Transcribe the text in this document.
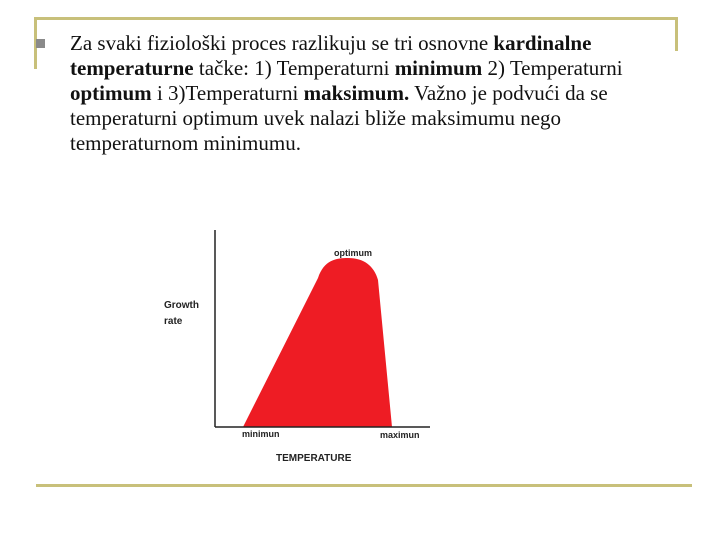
Za svaki fiziološki proces razlikuju se tri osnovne kardinalne temperaturne tačke: 1) Temperaturni minimum 2) Temperaturni optimum i 3)Temperaturni maksimum. Važno je podvući da se temperaturni optimum uvek nalazi bliže maksimumu nego temperaturnom minimumu.

optimum
Growth
rate
minimun	maximun
TEMPERATURE
